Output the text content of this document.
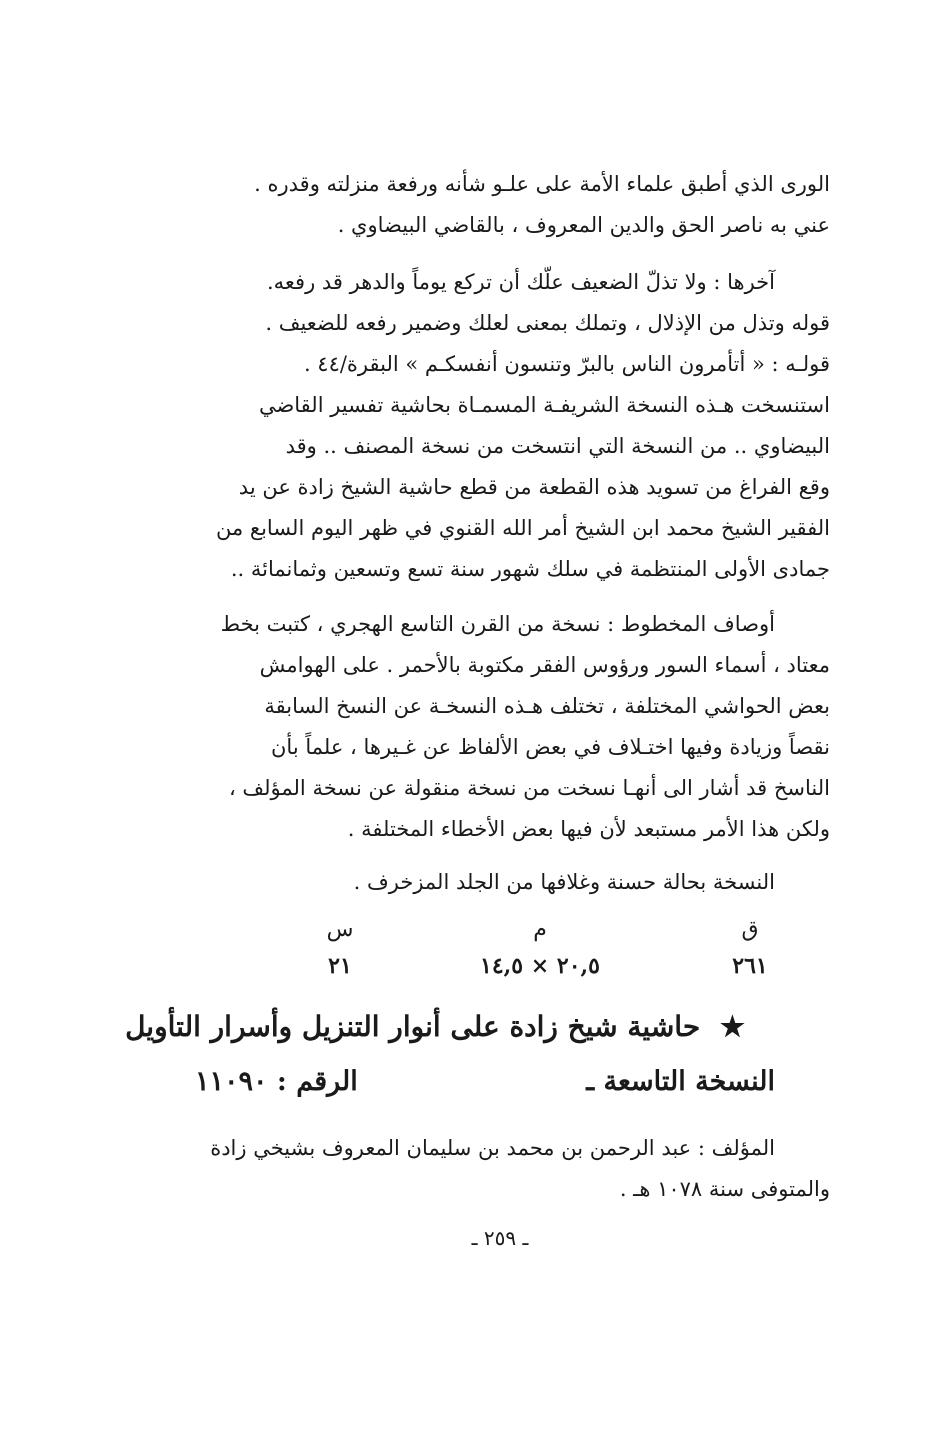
الورى الذي أطبق علماء الأمة على علـو شأنه ورفعة منزلته وقدره .
عني به ناصر الحق والدين المعروف ، بالقاضي البيضاوي .
آخرها : ولا تذلّ الضعيف علّك أن تركع يوماً والدهر قد رفعه.
قوله وتذل من الإذلال ، وتملك بمعنى لعلك وضمير رفعه للضعيف .
قولـه : « أتأمرون الناس بالبرّ وتنسون أنفسكـم » البقرة/٤٤ .
استنسخت هـذه النسخة الشريفـة المسمـاة بحاشية تفسير القاضي
البيضاوي .. من النسخة التي انتسخت من نسخة المصنف .. وقد
وقع الفراغ من تسويد هذه القطعة من قطع حاشية الشيخ زادة عن يد
الفقير الشيخ محمد ابن الشيخ أمر الله القنوي في ظهر اليوم السابع من
جمادى الأولى المنتظمة في سلك شهور سنة تسع وتسعين وثمانمائة ..
أوصاف المخطوط : نسخة من القرن التاسع الهجري ، كتبت بخط
معتاد ، أسماء السور ورؤوس الفقر مكتوبة بالأحمر . على الهوامش
بعض الحواشي المختلفة ، تختلف هـذه النسخـة عن النسخ السابقة
نقصاً وزيادة وفيها اختـلاف في بعض الألفاظ عن غـيرها ، علماً بأن
الناسخ قد أشار الى أنهـا نسخت من نسخة منقولة عن نسخة المؤلف ،
ولكن هذا الأمر مستبعد لأن فيها بعض الأخطاء المختلفة .
النسخة بحالة حسنة وغلافها من الجلد المزخرف .
ق
٢٦١
م
٢٠,٥ × ١٤,٥
س
٢١
★ حاشية شيخ زادة على أنوار التنزيل وأسرار التأويل
النسخة التاسعة ـ
الرقم : ١١٠٩٠
المؤلف : عبد الرحمن بن محمد بن سليمان المعروف بشيخي زادة
والمتوفى سنة ١٠٧٨ هـ .
ـ ٢٥٩ ـ
